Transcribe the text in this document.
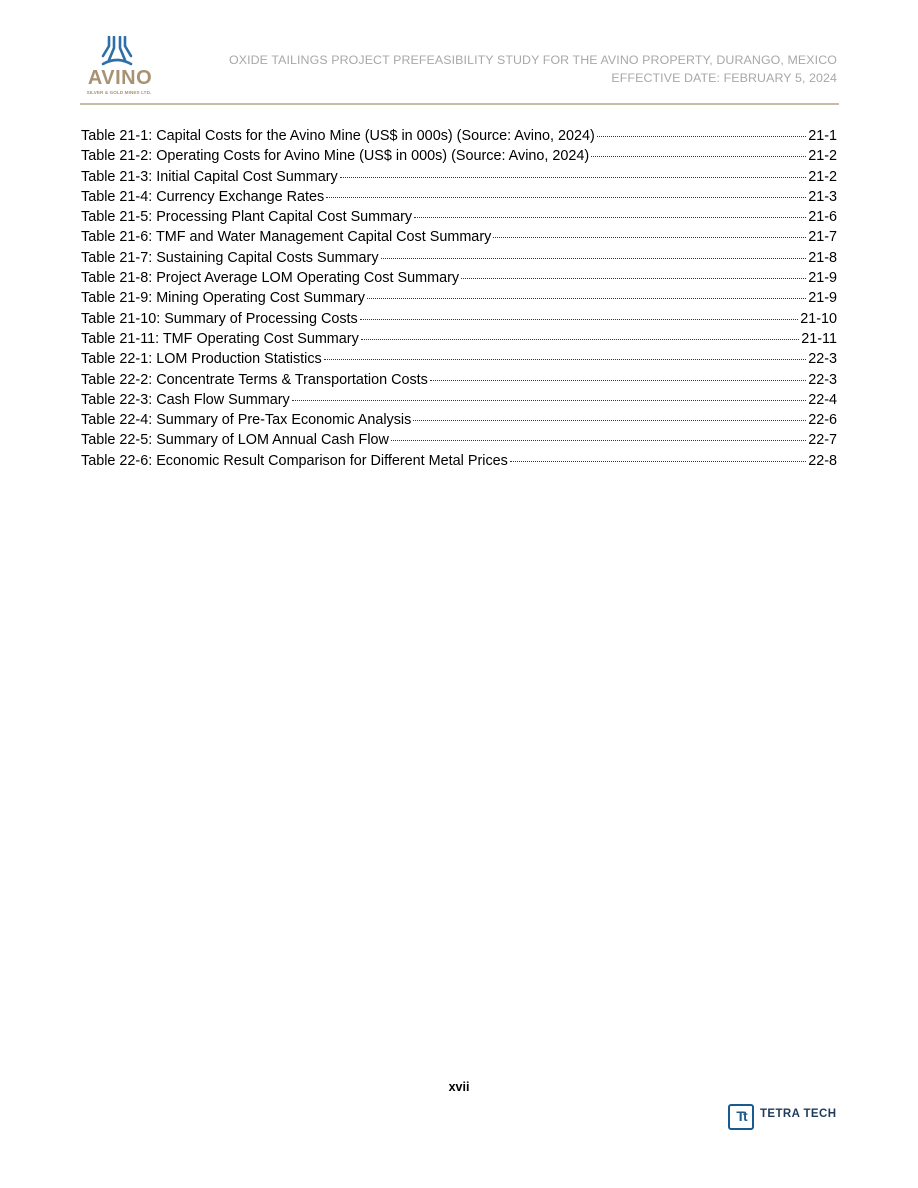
AVINO
SILVER & GOLD MINES LTD.
OXIDE TAILINGS PROJECT PREFEASIBILITY STUDY FOR THE AVINO PROPERTY, DURANGO, MEXICO
EFFECTIVE DATE: FEBRUARY 5, 2024
Table 21-1: Capital Costs for the Avino Mine (US$ in 000s) (Source: Avino, 2024)	21-1
Table 21-2: Operating Costs for Avino Mine (US$ in 000s) (Source: Avino, 2024)	21-2
Table 21-3: Initial Capital Cost Summary	21-2
Table 21-4: Currency Exchange Rates	21-3
Table 21-5: Processing Plant Capital Cost Summary	21-6
Table 21-6: TMF and Water Management Capital Cost Summary	21-7
Table 21-7: Sustaining Capital Costs Summary	21-8
Table 21-8: Project Average LOM Operating Cost Summary	21-9
Table 21-9: Mining Operating Cost Summary	21-9
Table 21-10: Summary of Processing Costs	21-10
Table 21-11: TMF Operating Cost Summary	21-11
Table 22-1: LOM Production Statistics	22-3
Table 22-2: Concentrate Terms & Transportation Costs	22-3
Table 22-3: Cash Flow Summary	22-4
Table 22-4: Summary of Pre-Tax Economic Analysis	22-6
Table 22-5: Summary of LOM Annual Cash Flow	22-7
Table 22-6: Economic Result Comparison for Different Metal Prices	22-8
xvii
Tt	TETRA TECH
